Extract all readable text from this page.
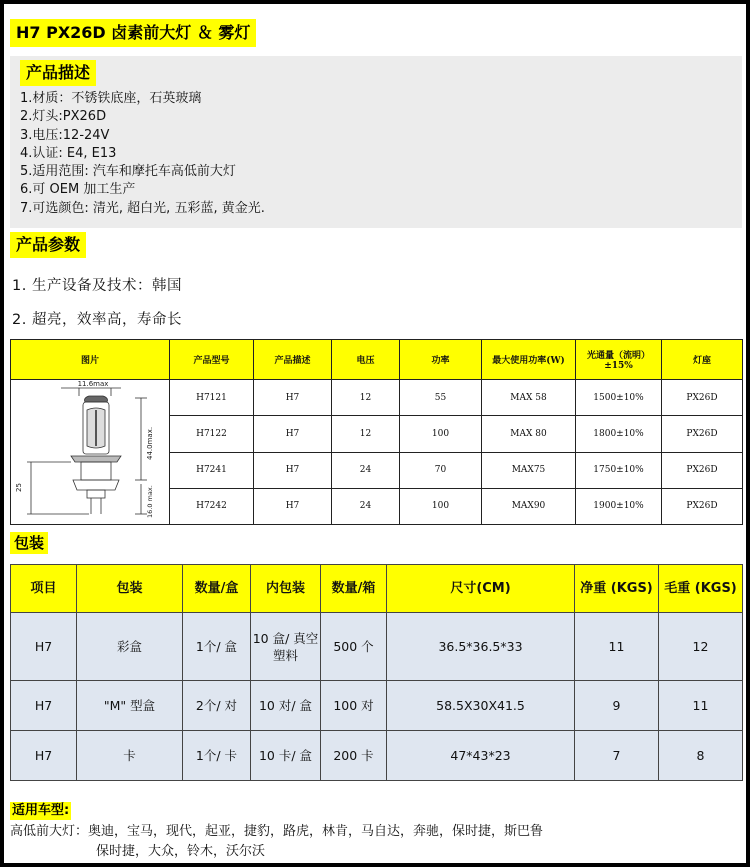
H7 PX26D 卤素前大灯 ＆ 雾灯
产品描述
1.材质：不锈铁底座，石英玻璃
2.灯头:PX26D
3.电压:12-24V
4.认证: E4, E13
5.适用范围: 汽车和摩托车高低前大灯
6.可 OEM 加工生产
7.可选颜色: 清光, 超白光, 五彩蓝, 黄金光.
产品参数
1. 生产设备及技术：韩国
2. 超亮，效率高，寿命长
图片	产品型号	产品描述	电压	功率	最大使用功率(W)	光通量（流明）±15%	灯座

11.6max
25
44.0max.
16.0 max.	H7121	H7	12	55	MAX 58	1500±10%	PX26D
	H7122	H7	12	100	MAX 80	1800±10%	PX26D
	H7241	H7	24	70	MAX75	1750±10%	PX26D
	H7242	H7	24	100	MAX90	1900±10%	PX26D
包装
项目	包装	数量/盒	内包装	数量/箱	尺寸(CM)	净重 (KGS)	毛重 (KGS)
H7	彩盒	1个/ 盒	10 盒/ 真空塑料	500 个	36.5*36.5*33	11	12
H7	"M" 型盒	2个/ 对	10 对/ 盒	100 对	58.5X30X41.5	9	11
H7	卡	1个/ 卡	10 卡/ 盒	200 卡	47*43*23	7	8
适用车型:
高低前大灯：奥迪，宝马，现代，起亚，捷豹，路虎，林肯，马自达，奔驰，保时捷，斯巴鲁
保时捷，大众，铃木，沃尔沃
